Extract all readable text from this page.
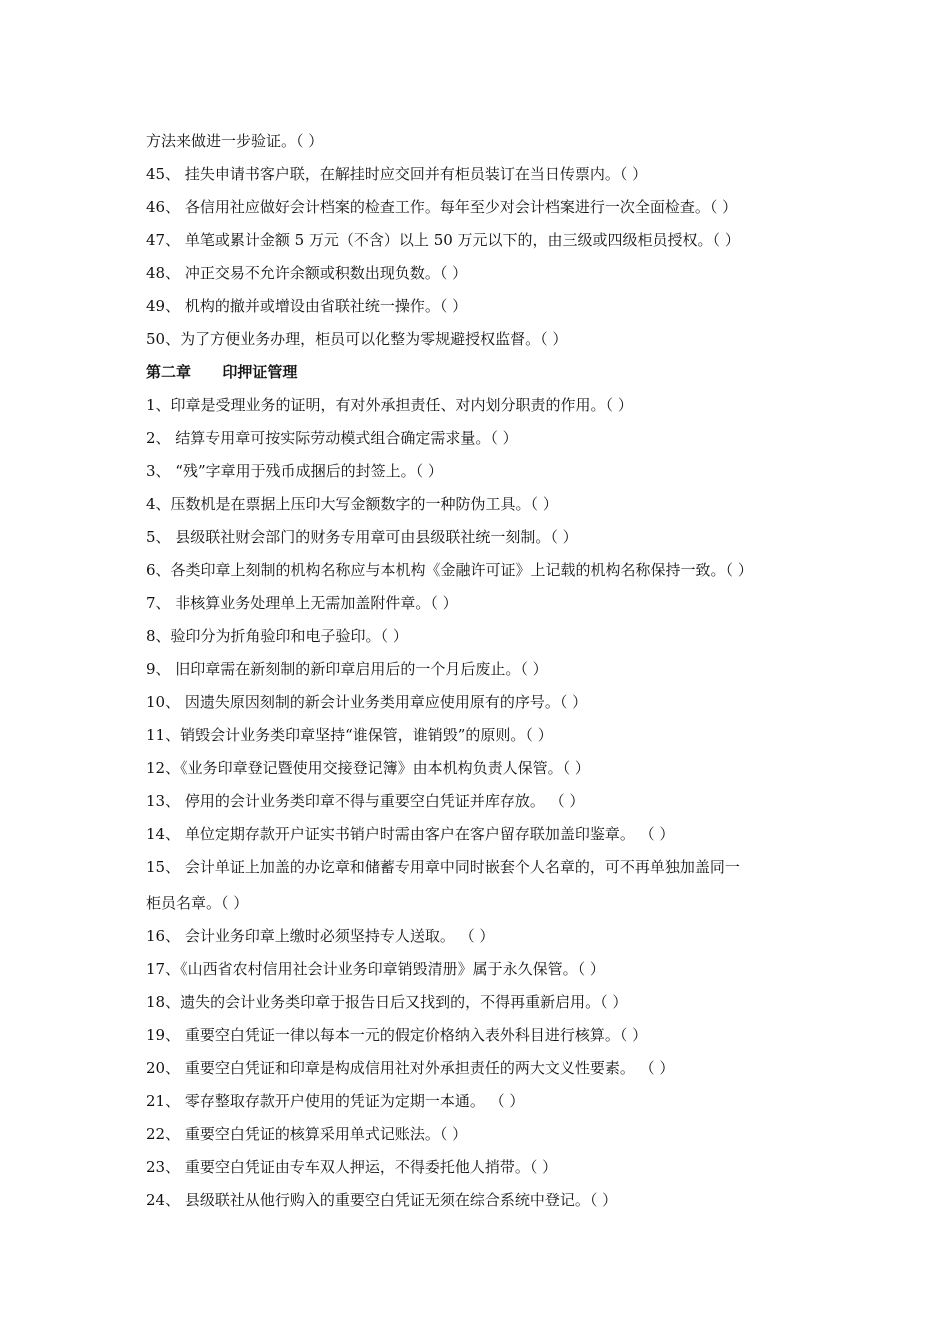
方法来做进一步验证。（ ）
45、 挂失申请书客户联，在解挂时应交回并有柜员装订在当日传票内。（ ）
46、 各信用社应做好会计档案的检查工作。每年至少对会计档案进行一次全面检查。（ ）
47、 单笔或累计金额 5 万元（不含）以上 50 万元以下的，由三级或四级柜员授权。（ ）
48、 冲正交易不允许余额或积数出现负数。（ ）
49、 机构的撤并或增设由省联社统一操作。（ ）
50、为了方便业务办理，柜员可以化整为零规避授权监督。（ ）
第二章      印押证管理
1、印章是受理业务的证明，有对外承担责任、对内划分职责的作用。（ ）
2、 结算专用章可按实际劳动模式组合确定需求量。（ ）
3、 “残”字章用于残币成捆后的封签上。（ ）
4、压数机是在票据上压印大写金额数字的一种防伪工具。（ ）
5、 县级联社财会部门的财务专用章可由县级联社统一刻制。（ ）
6、各类印章上刻制的机构名称应与本机构《金融许可证》上记载的机构名称保持一致。（ ）
7、 非核算业务处理单上无需加盖附件章。（ ）
8、验印分为折角验印和电子验印。（ ）
9、 旧印章需在新刻制的新印章启用后的一个月后废止。（ ）
10、 因遗失原因刻制的新会计业务类用章应使用原有的序号。（ ）
11、销毁会计业务类印章坚持“谁保管，谁销毁”的原则。（ ）
12、《业务印章登记暨使用交接登记簿》由本机构负责人保管。（ ）
13、 停用的会计业务类印章不得与重要空白凭证并库存放。 （ ）
14、 单位定期存款开户证实书销户时需由客户在客户留存联加盖印鉴章。 （ ）
15、 会计单证上加盖的办讫章和储蓄专用章中同时嵌套个人名章的，可不再单独加盖同一
柜员名章。（ ）
16、 会计业务印章上缴时必须坚持专人送取。 （ ）
17、《山西省农村信用社会计业务印章销毁清册》属于永久保管。（ ）
18、遗失的会计业务类印章于报告日后又找到的，不得再重新启用。（ ）
19、 重要空白凭证一律以每本一元的假定价格纳入表外科目进行核算。（ ）
20、 重要空白凭证和印章是构成信用社对外承担责任的两大文义性要素。 （ ）
21、 零存整取存款开户使用的凭证为定期一本通。 （ ）
22、 重要空白凭证的核算采用单式记账法。（ ）
23、 重要空白凭证由专车双人押运，不得委托他人捎带。（ ）
24、 县级联社从他行购入的重要空白凭证无须在综合系统中登记。（ ）
